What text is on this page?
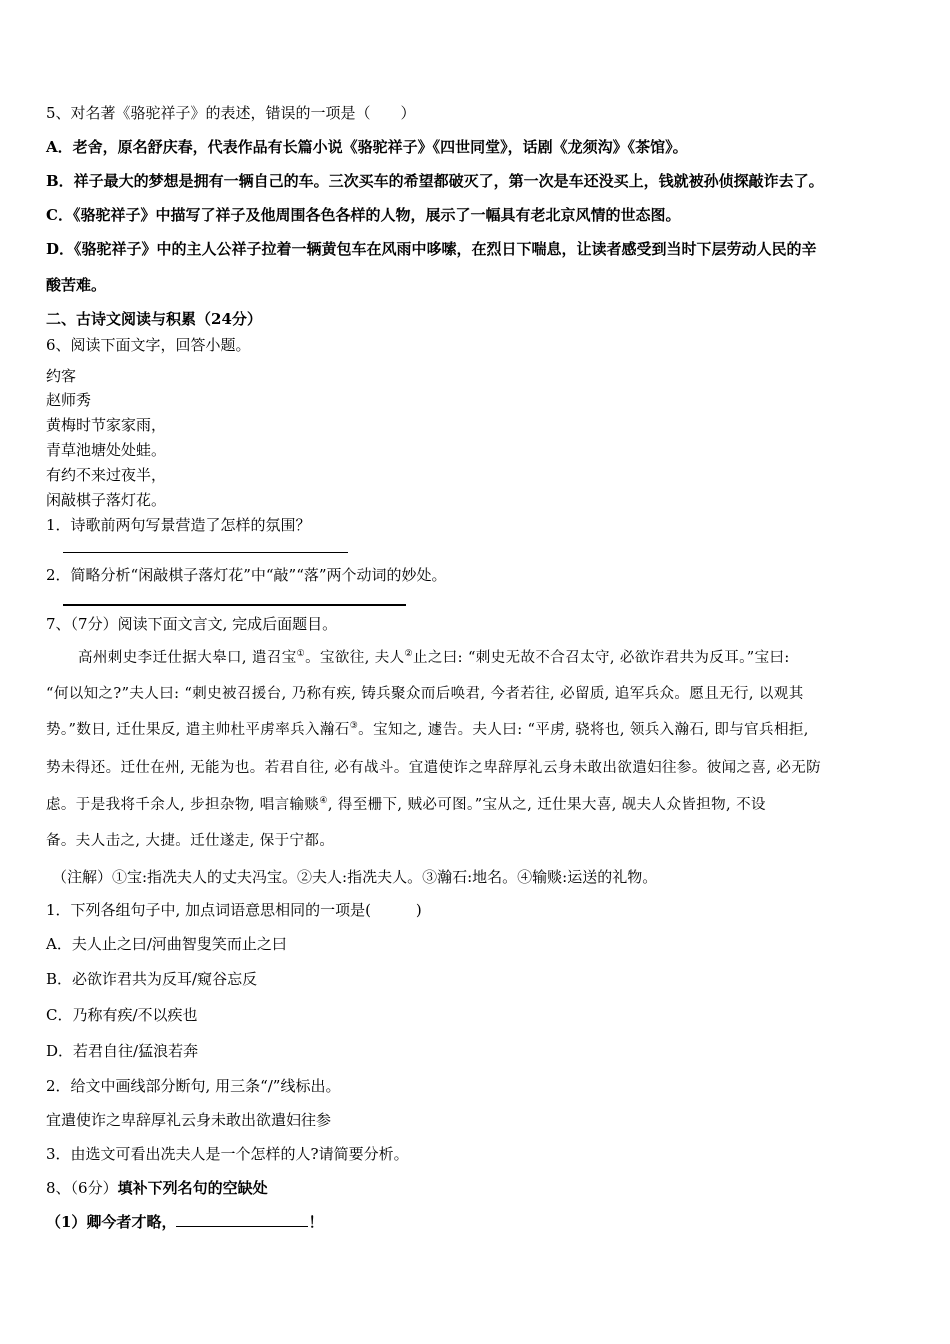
5、对名著《骆驼祥子》的表述，错误的一项是（　　）
A．老舍，原名舒庆春，代表作品有长篇小说《骆驼祥子》《四世同堂》，话剧《龙须沟》《茶馆》。
B．祥子最大的梦想是拥有一辆自己的车。三次买车的希望都破灭了，第一次是车还没买上，钱就被孙侦探敲诈去了。
C．《骆驼祥子》中描写了祥子及他周围各色各样的人物，展示了一幅具有老北京风情的世态图。
D．《骆驼祥子》中的主人公祥子拉着一辆黄包车在风雨中哆嗦，在烈日下喘息，让读者感受到当时下层劳动人民的辛
酸苦难。
二、古诗文阅读与积累（24分）
6、阅读下面文字，回答小题。
约客
赵师秀
黄梅时节家家雨，
青草池塘处处蛙。
有约不来过夜半，
闲敲棋子落灯花。
1．诗歌前两句写景营造了怎样的氛围？
2．简略分析“闲敲棋子落灯花”中“敲”“落”两个动词的妙处。
7、（7分）阅读下面文言文, 完成后面题目。
高州刺史李迁仕据大皋口, 遣召宝①。宝欲往, 夫人②止之曰: “刺史无故不合召太守, 必欲诈君共为反耳。”宝曰:
“何以知之?”夫人曰: “刺史被召援台, 乃称有疾, 铸兵聚众而后唤君, 今者若往, 必留质, 追军兵众。愿且无行, 以观其
势。”数日, 迁仕果反, 遣主帅杜平虏率兵入瀚石③。宝知之, 遽告。夫人曰: “平虏, 骁将也, 领兵入瀚石, 即与官兵相拒,
势未得还。迁仕在州, 无能为也。若君自往, 必有战斗。宜遣使诈之卑辞厚礼云身未敢出欲遣妇往参。彼闻之喜, 必无防
虑。于是我将千余人, 步担杂物, 唱言输赕④, 得至栅下, 贼必可图。”宝从之, 迁仕果大喜, 觇夫人众皆担物, 不设
备。夫人击之, 大捷。迁仕遂走, 保于宁都。
（注解）①宝:指冼夫人的丈夫冯宝。②夫人:指冼夫人。③瀚石:地名。④输赕:运送的礼物。
1．下列各组句子中, 加点词语意思相同的一项是(　　　)
A．夫人止之曰/河曲智叟笑而止之曰
B．必欲诈君共为反耳/窥谷忘反
C．乃称有疾/不以疾也
D．若君自往/猛浪若奔
2．给文中画线部分断句, 用三条“/”线标出。
宜遣使诈之卑辞厚礼云身未敢出欲遣妇往参
3．由选文可看出冼夫人是一个怎样的人?请简要分析。
8、（6分）填补下列名句的空缺处
（1）卿今者才略，	！
